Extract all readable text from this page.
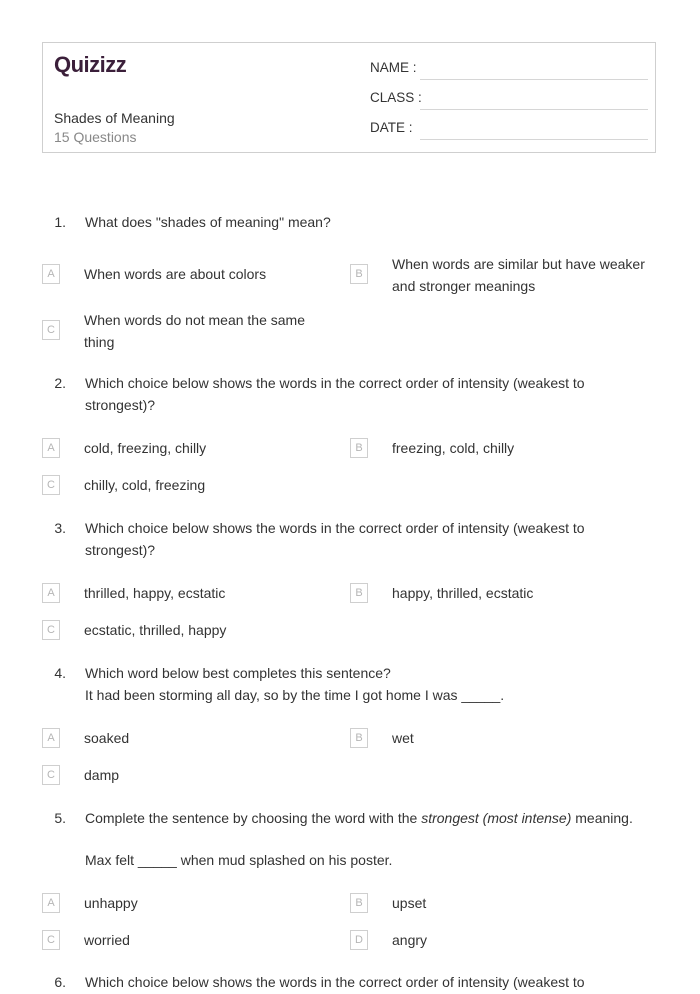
Quizizz
Shades of Meaning
15 Questions
NAME :
CLASS :
DATE :
1. What does "shades of meaning" mean?
A	When words are about colors	B
When words are similar but have weaker
and stronger meanings
C
When words do not mean the same
thing
2. Which choice below shows the words in the correct order of intensity (weakest to
strongest)?
A	cold, freezing, chilly	B	freezing, cold, chilly
C	chilly, cold, freezing
3. Which choice below shows the words in the correct order of intensity (weakest to
strongest)?
A	thrilled, happy, ecstatic	B	happy, thrilled, ecstatic
C	ecstatic, thrilled, happy
4. Which word below best completes this sentence?
It had been storming all day, so by the time I got home I was _____.
A	soaked	B	wet
C	damp
5. Complete the sentence by choosing the word with the strongest (most intense) meaning.
Max felt _____ when mud splashed on his poster.
A	unhappy	B	upset
C	worried	D	angry
6. Which choice below shows the words in the correct order of intensity (weakest to
